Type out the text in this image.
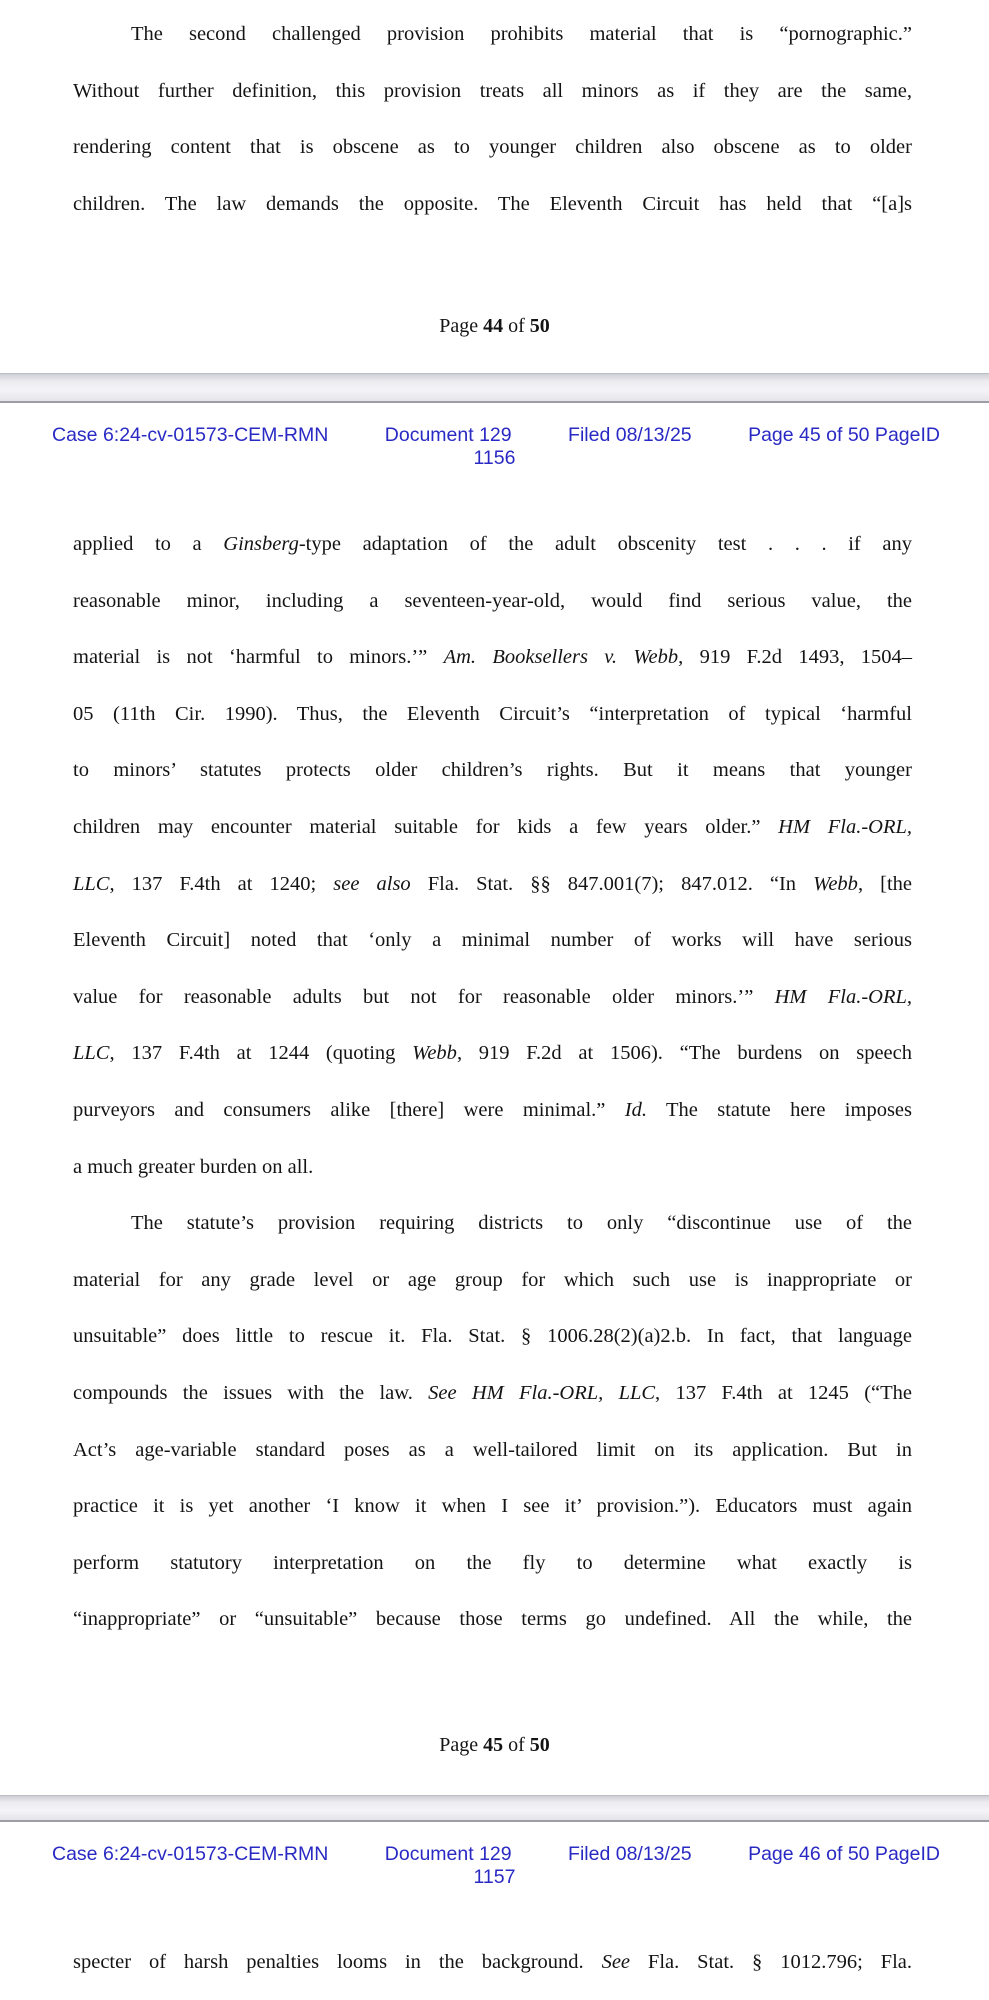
The second challenged provision prohibits material that is “pornographic.”
Without further definition, this provision treats all minors as if they are the same,
rendering content that is obscene as to younger children also obscene as to older
children. The law demands the opposite. The Eleventh Circuit has held that “[a]s
Page 44 of 50
Case 6:24-cv-01573-CEM-RMN	Document 129	Filed 08/13/25	Page 45 of 50 PageID
1156
applied to a Ginsberg-type adaptation of the adult obscenity test . . . if any
reasonable minor, including a seventeen-year-old, would find serious value, the
material is not ‘harmful to minors.’” Am. Booksellers v. Webb, 919 F.2d 1493, 1504–
05 (11th Cir. 1990). Thus, the Eleventh Circuit’s “interpretation of typical ‘harmful
to minors’ statutes protects older children’s rights. But it means that younger
children may encounter material suitable for kids a few years older.” HM Fla.-ORL,
LLC, 137 F.4th at 1240; see also Fla. Stat. §§ 847.001(7); 847.012. “In Webb, [the
Eleventh Circuit] noted that ‘only a minimal number of works will have serious
value for reasonable adults but not for reasonable older minors.’” HM Fla.-ORL,
LLC, 137 F.4th at 1244 (quoting Webb, 919 F.2d at 1506). “The burdens on speech
purveyors and consumers alike [there] were minimal.” Id. The statute here imposes
a much greater burden on all.
The statute’s provision requiring districts to only “discontinue use of the
material for any grade level or age group for which such use is inappropriate or
unsuitable” does little to rescue it. Fla. Stat. § 1006.28(2)(a)2.b. In fact, that language
compounds the issues with the law. See HM Fla.-ORL, LLC, 137 F.4th at 1245 (“The
Act’s age-variable standard poses as a well-tailored limit on its application. But in
practice it is yet another ‘I know it when I see it’ provision.”). Educators must again
perform statutory interpretation on the fly to determine what exactly is
“inappropriate” or “unsuitable” because those terms go undefined. All the while, the
Page 45 of 50
Case 6:24-cv-01573-CEM-RMN	Document 129	Filed 08/13/25	Page 46 of 50 PageID
1157
specter of harsh penalties looms in the background. See Fla. Stat. § 1012.796; Fla.
